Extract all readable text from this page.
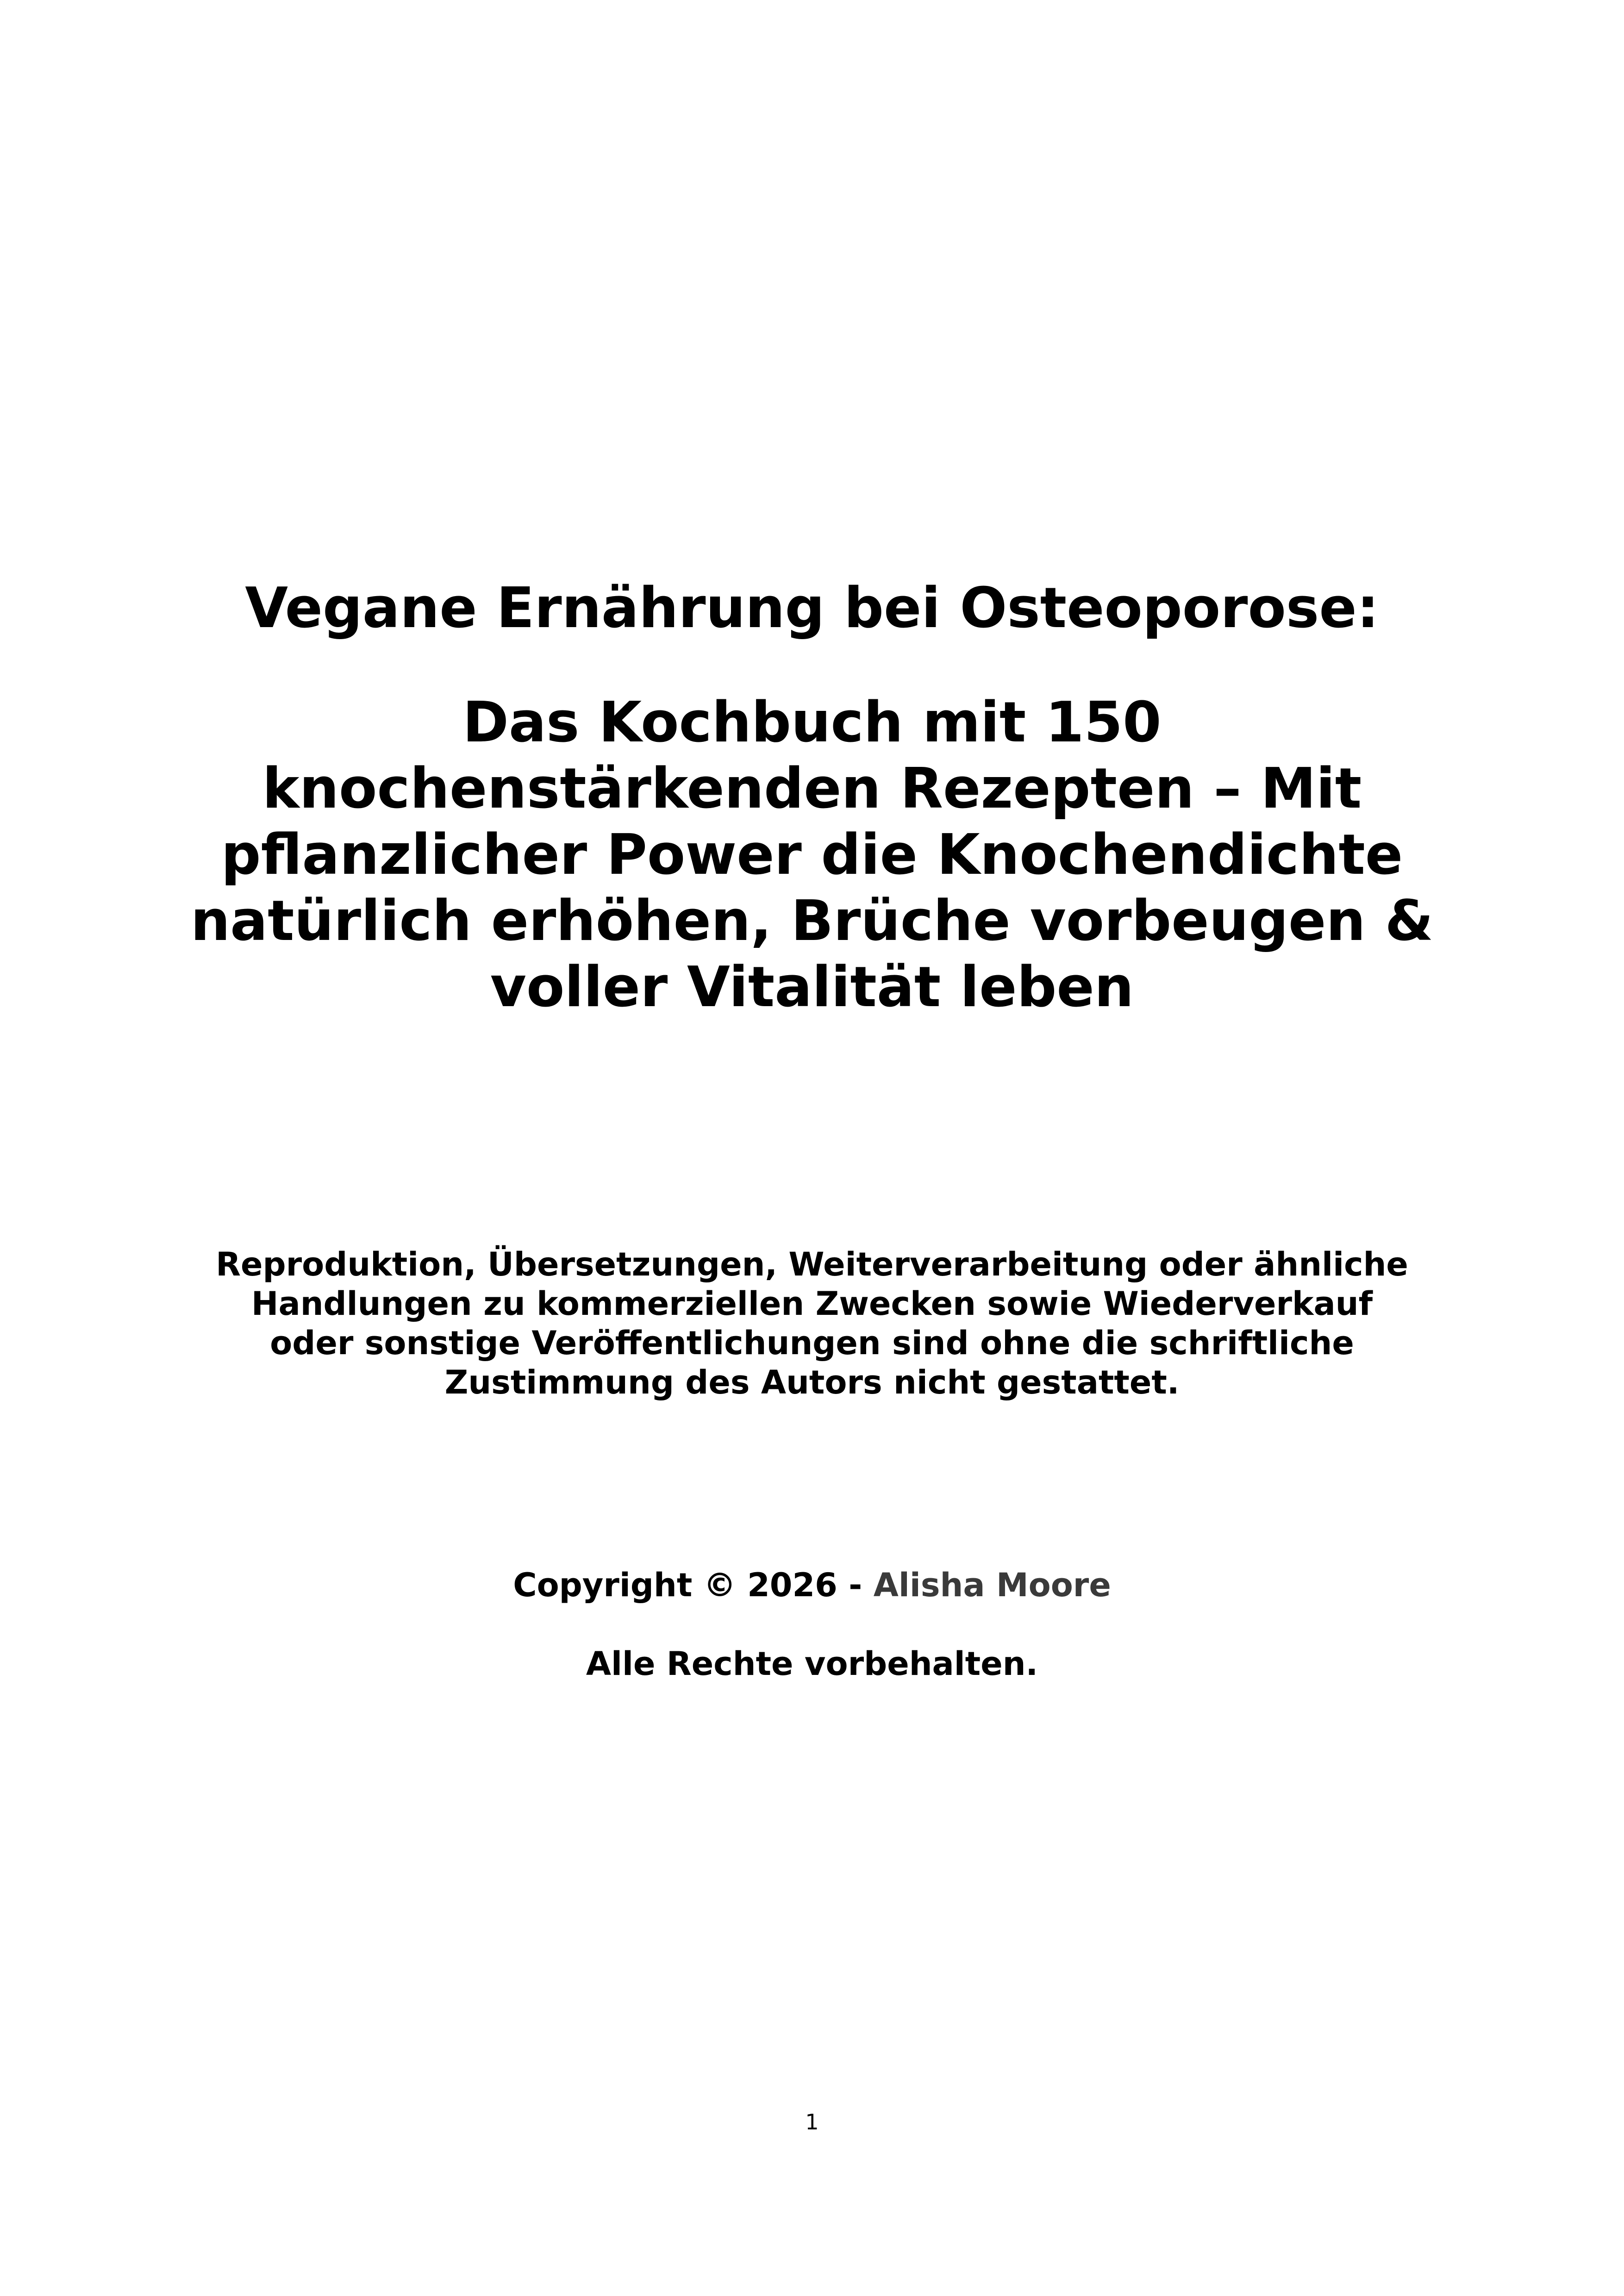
Vegane Ernährung bei Osteoporose:
Das Kochbuch mit 150
knochenstärkenden Rezepten – Mit
pflanzlicher Power die Knochendichte
natürlich erhöhen, Brüche vorbeugen &
voller Vitalität leben

Reproduktion, Übersetzungen, Weiterverarbeitung oder ähnliche
Handlungen zu kommerziellen Zwecken sowie Wiederverkauf
oder sonstige Veröffentlichungen sind ohne die schriftliche
Zustimmung des Autors nicht gestattet.

Copyright © 2026 - Alisha Moore

Alle Rechte vorbehalten.

1
